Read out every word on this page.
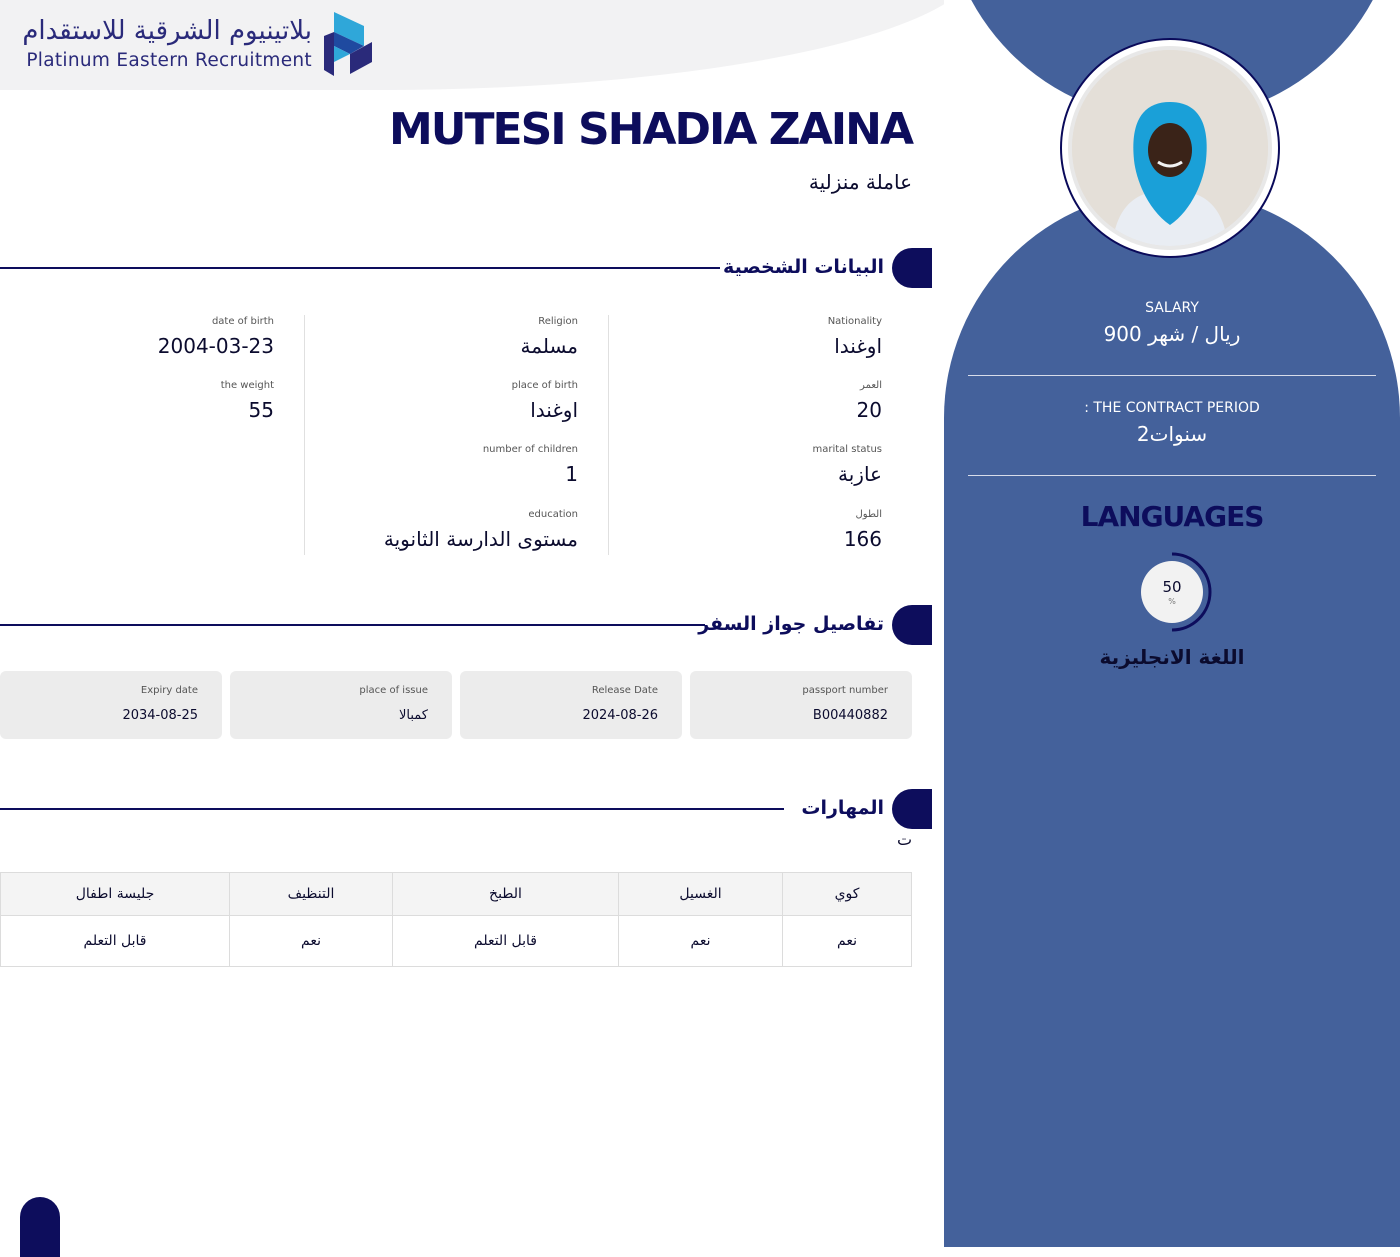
بلاتينيوم الشرقية للاستقدام
Platinum Eastern Recruitment
MUTESI SHADIA ZAINA
عاملة منزلية
البيانات الشخصية
Nationality
اوغندا
العمر
20
marital status
عازبة
الطول
166
Religion
مسلمة
place of birth
اوغندا
number of children
1
education
مستوى الدارسة الثانوية
date of birth
2004-03-23
the weight
55
تفاصيل جواز السفر
passport number
B00440882
Release Date
2024-08-26
place of issue
كمبالا
Expiry date
2034-08-25
المهارات
ت
كوي	الغسيل	الطبخ	التنظيف	جليسة اطفال
نعم	نعم	قابل التعلم	نعم	قابل التعلم
SALARY
900 ريال / شهر
: THE CONTRACT PERIOD
2سنوات
LANGUAGES
50
%
اللغة الانجليزية
